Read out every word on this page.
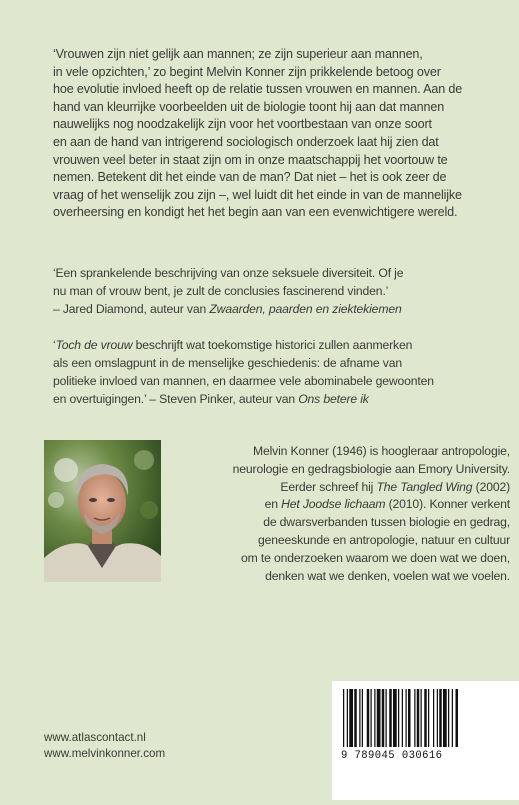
‘Vrouwen zijn niet gelijk aan mannen; ze zijn superieur aan mannen,
in vele opzichten,’ zo begint Melvin Konner zijn prikkelende betoog over
hoe evolutie invloed heeft op de relatie tussen vrouwen en mannen. Aan de
hand van kleurrijke voorbeelden uit de biologie toont hij aan dat mannen
nauwelijks nog noodzakelijk zijn voor het voortbestaan van onze soort
en aan de hand van intrigerend sociologisch onderzoek laat hij zien dat
vrouwen veel beter in staat zijn om in onze maatschappij het voortouw te
nemen. Betekent dit het einde van de man? Dat niet – het is ook zeer de
vraag of het wenselijk zou zijn –, wel luidt dit het einde in van de mannelijke
overheersing en kondigt het het begin aan van een evenwichtigere wereld.
‘Een sprankelende beschrijving van onze seksuele diversiteit. Of je
nu man of vrouw bent, je zult de conclusies fascinerend vinden.’
– Jared Diamond, auteur van Zwaarden, paarden en ziektekiemen
‘Toch de vrouw beschrijft wat toekomstige historici zullen aanmerken
als een omslagpunt in de menselijke geschiedenis: de afname van
politieke invloed van mannen, en daarmee vele abominabele gewoonten
en overtuigingen.’ – Steven Pinker, auteur van Ons betere ik
Melvin Konner (1946) is hoogleraar antropologie,
neurologie en gedragsbiologie aan Emory University.
Eerder schreef hij The Tangled Wing (2002)
en Het Joodse lichaam (2010). Konner verkent
de dwarsverbanden tussen biologie en gedrag,
geneeskunde en antropologie, natuur en cultuur
om te onderzoeken waarom we doen wat we doen,
denken wat we denken, voelen wat we voelen.
www.atlascontact.nl
www.melvinkonner.com	9 789045 030616
